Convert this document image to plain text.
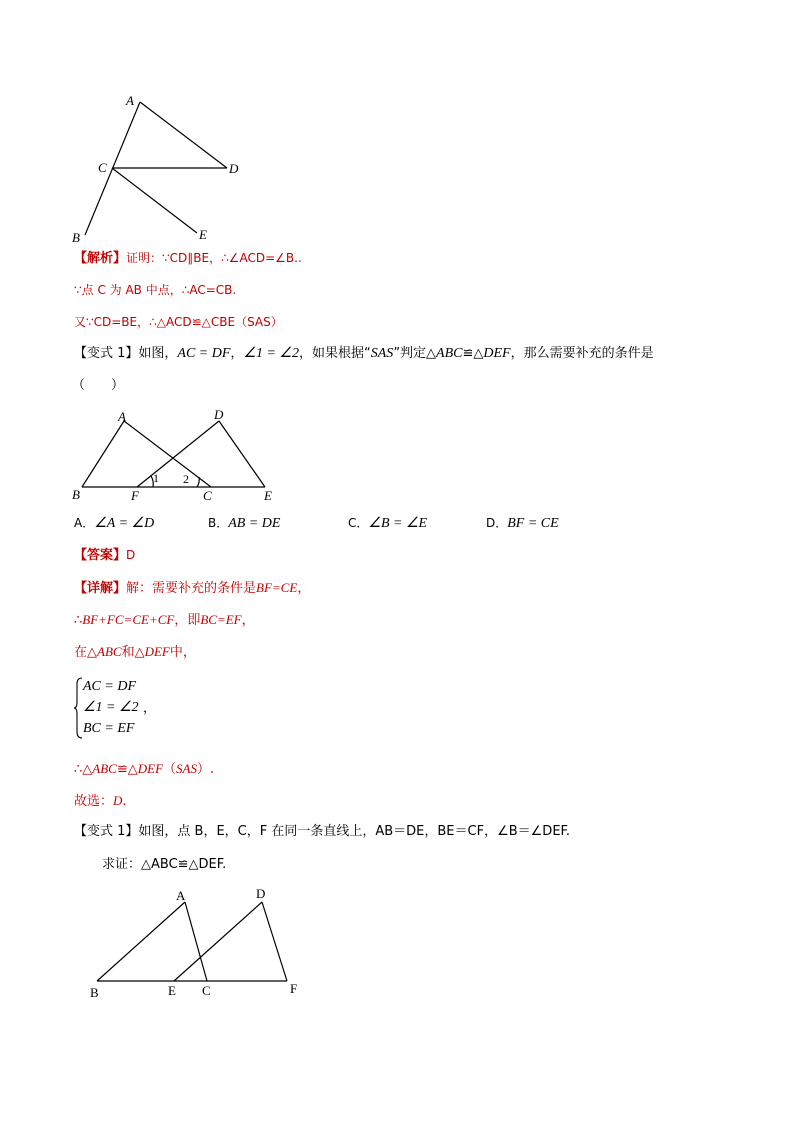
A
C	D
B	E
【解析】证明：∵CD∥BE，∴∠ACD=∠B..
∵点 C 为 AB 中点，∴AC=CB.
又∵CD=BE，∴△ACD≌△CBE（SAS）
【变式 1】如图，AC = DF，∠1 = ∠2，如果根据“SAS”判定△ABC≌△DEF，那么需要补充的条件是
（　　）
A	D
B	F	C	E
1 2
A．∠A = ∠D	B．AB = DE	C．∠B = ∠E	D．BF = CE
【答案】D
【详解】解：需要补充的条件是BF=CE，
∴BF+FC=CE+CF，即BC=EF，
在△ABC和△DEF中，
AC = DF
∠1 = ∠2
BC = EF
，
∴△ABC≌△DEF（SAS）.
故选：D.
【变式 1】如图，点 B，E，C，F 在同一条直线上，AB＝DE，BE＝CF，∠B＝∠DEF.
求证：△ABC≌△DEF.
A	D
B	E C	F
